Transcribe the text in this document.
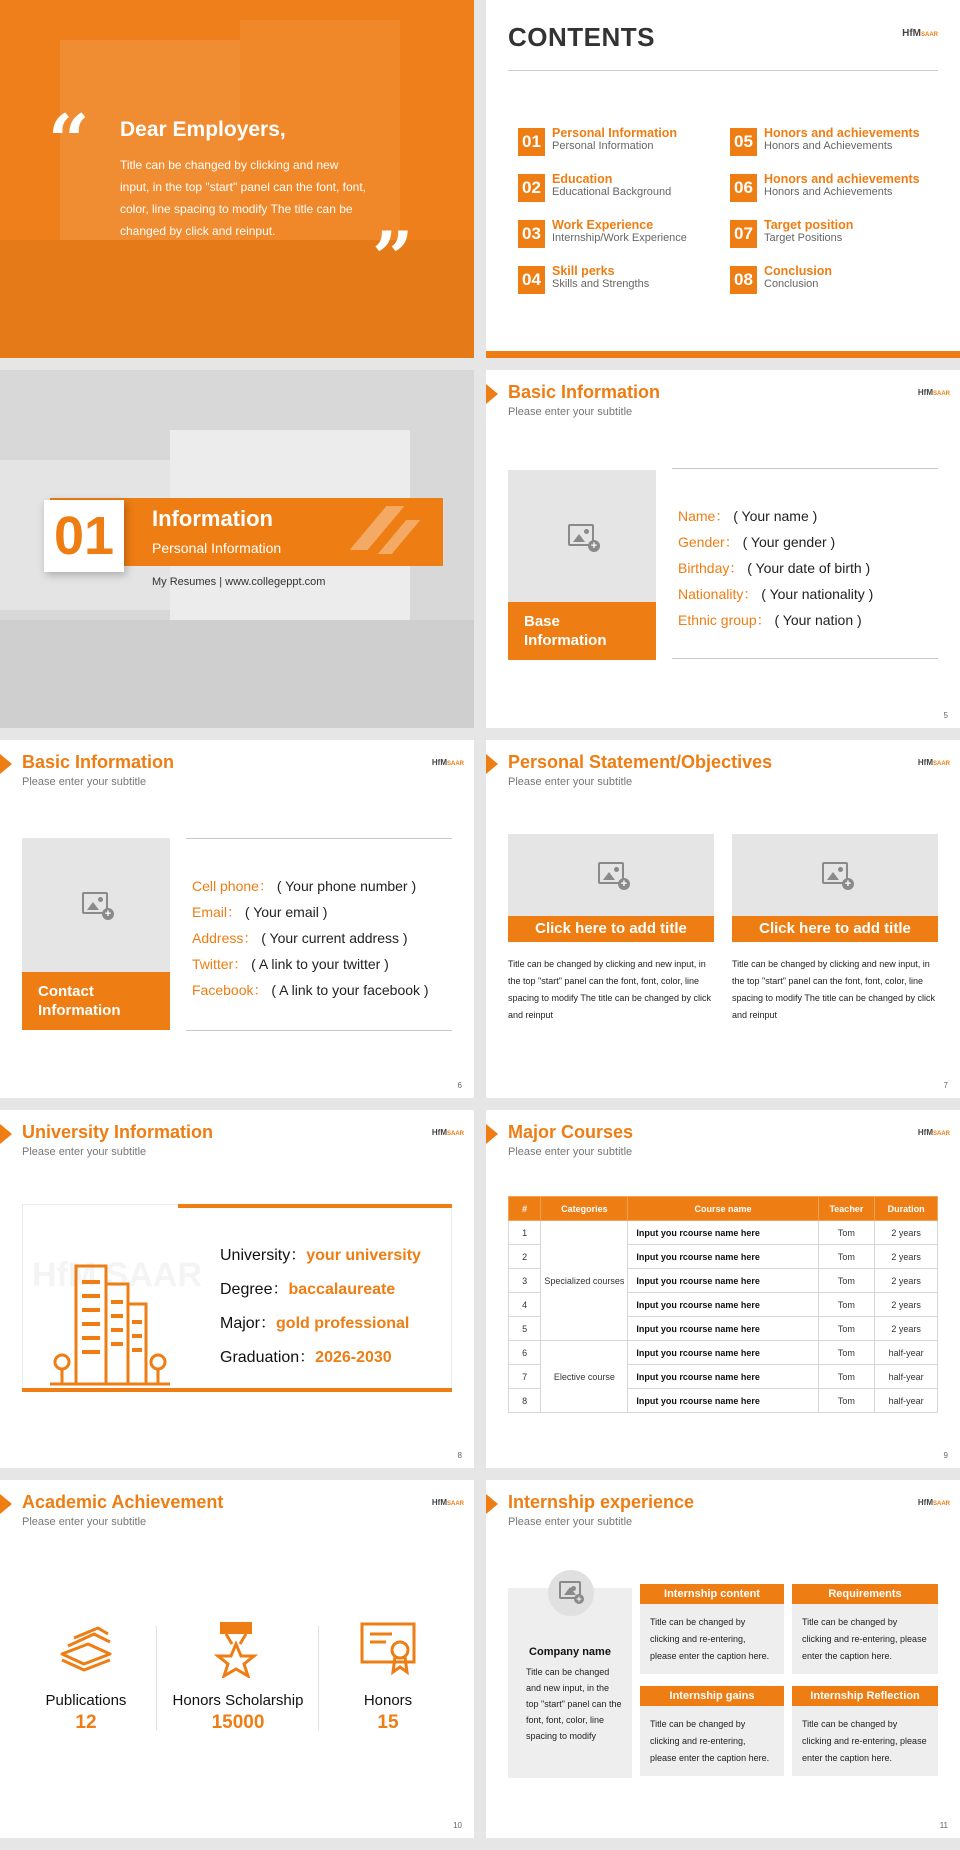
“ Dear Employers,
Title can be changed by clicking and new input, in the top "start" panel can the font, font, color, line spacing to modify The title can be changed by click and reinput.	”
CONTENTS	HfMSAAR
01 Personal Information
Personal Information
02 Education
Educational Background
03 Work Experience
Internship/Work Experience
04 Skill perks
Skills and Strengths
05 Honors and achievements
Honors and Achievements
06 Honors and achievements
Honors and Achievements
07 Target position
Target Positions
08 Conclusion
Conclusion
01	Information
Personal Information
My Resumes | www.collegeppt.com
Basic Information
Please enter your subtitle
HfMSAAR
+
Base Information
Name： ( Your name )
Gender： ( Your gender )
Birthday： ( Your date of birth )
Nationality： ( Your nationality )
Ethnic group： ( Your nation )
5
Basic Information
Please enter your subtitle
HfMSAAR
+
Contact Information
Cell phone： ( Your phone number )
Email： ( Your email )
Address： ( Your current address )
Twitter： ( A link to your twitter )
Facebook： ( A link to your facebook )
6
Personal Statement/Objectives
Please enter your subtitle
HfMSAAR
+
Click here to add title
Title can be changed by clicking and new input, in the top "start" panel can the font, font, color, line spacing to modify The title can be changed by click and reinput
+
Click here to add title
Title can be changed by clicking and new input, in the top "start" panel can the font, font, color, line spacing to modify The title can be changed by click and reinput
7
University Information
Please enter your subtitle
HfMSAAR
HfM SAAR
University：your university
Degree：baccalaureate
Major：gold professional
Graduation：2026-2030
8
Major Courses
Please enter your subtitle
HfMSAAR
#	Categories	Course name	Teacher	Duration
1	Specialized courses	Input you rcourse name here	Tom	2 years
2		Input you rcourse name here	Tom	2 years
3		Input you rcourse name here	Tom	2 years
4		Input you rcourse name here	Tom	2 years
5		Input you rcourse name here	Tom	2 years
6	Elective course	Input you rcourse name here	Tom	half-year
7		Input you rcourse name here	Tom	half-year
8		Input you rcourse name here	Tom	half-year
9
Academic Achievement
Please enter your subtitle
HfMSAAR
Publications
12
Honors Scholarship
15000
Honors
15
10
Internship experience
Please enter your subtitle
HfMSAAR
+
Company name
Title can be changed and new input, in the top "start" panel can the font, font, color, line spacing to modify
Internship content
Title can be changed by clicking and re-entering, please enter the caption here.
Requirements
Title can be changed by clicking and re-entering, please enter the caption here.
Internship gains
Title can be changed by clicking and re-entering, please enter the caption here.
Internship Reflection
Title can be changed by clicking and re-entering, please enter the caption here.
11
